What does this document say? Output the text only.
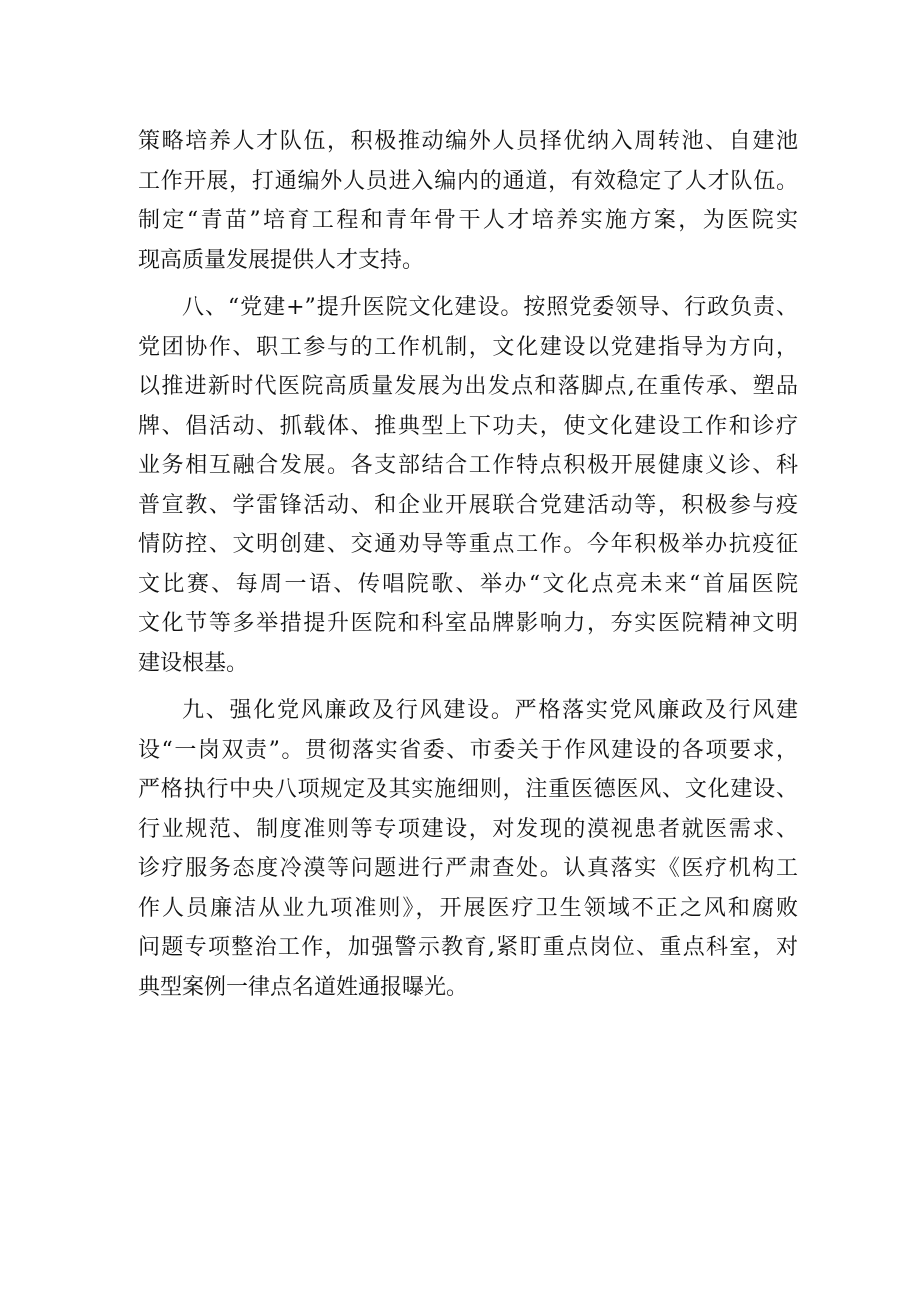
策略培养人才队伍，积极推动编外人员择优纳入周转池、自建池
工作开展，打通编外人员进入编内的通道，有效稳定了人才队伍。
制定“青苗”培育工程和青年骨干人才培养实施方案，为医院实
现高质量发展提供人才支持。
八、“党建+”提升医院文化建设。按照党委领导、行政负责、
党团协作、职工参与的工作机制，文化建设以党建指导为方向，
以推进新时代医院高质量发展为出发点和落脚点,在重传承、塑品
牌、倡活动、抓载体、推典型上下功夫，使文化建设工作和诊疗
业务相互融合发展。各支部结合工作特点积极开展健康义诊、科
普宣教、学雷锋活动、和企业开展联合党建活动等，积极参与疫
情防控、文明创建、交通劝导等重点工作。今年积极举办抗疫征
文比赛、每周一语、传唱院歌、举办“文化点亮未来“首届医院
文化节等多举措提升医院和科室品牌影响力，夯实医院精神文明
建设根基。
九、强化党风廉政及行风建设。严格落实党风廉政及行风建
设“一岗双责”。贯彻落实省委、市委关于作风建设的各项要求，
严格执行中央八项规定及其实施细则，注重医德医风、文化建设、
行业规范、制度准则等专项建设，对发现的漠视患者就医需求、
诊疗服务态度冷漠等问题进行严肃查处。认真落实《医疗机构工
作人员廉洁从业九项准则》，开展医疗卫生领域不正之风和腐败
问题专项整治工作，加强警示教育,紧盯重点岗位、重点科室，对
典型案例一律点名道姓通报曝光。
